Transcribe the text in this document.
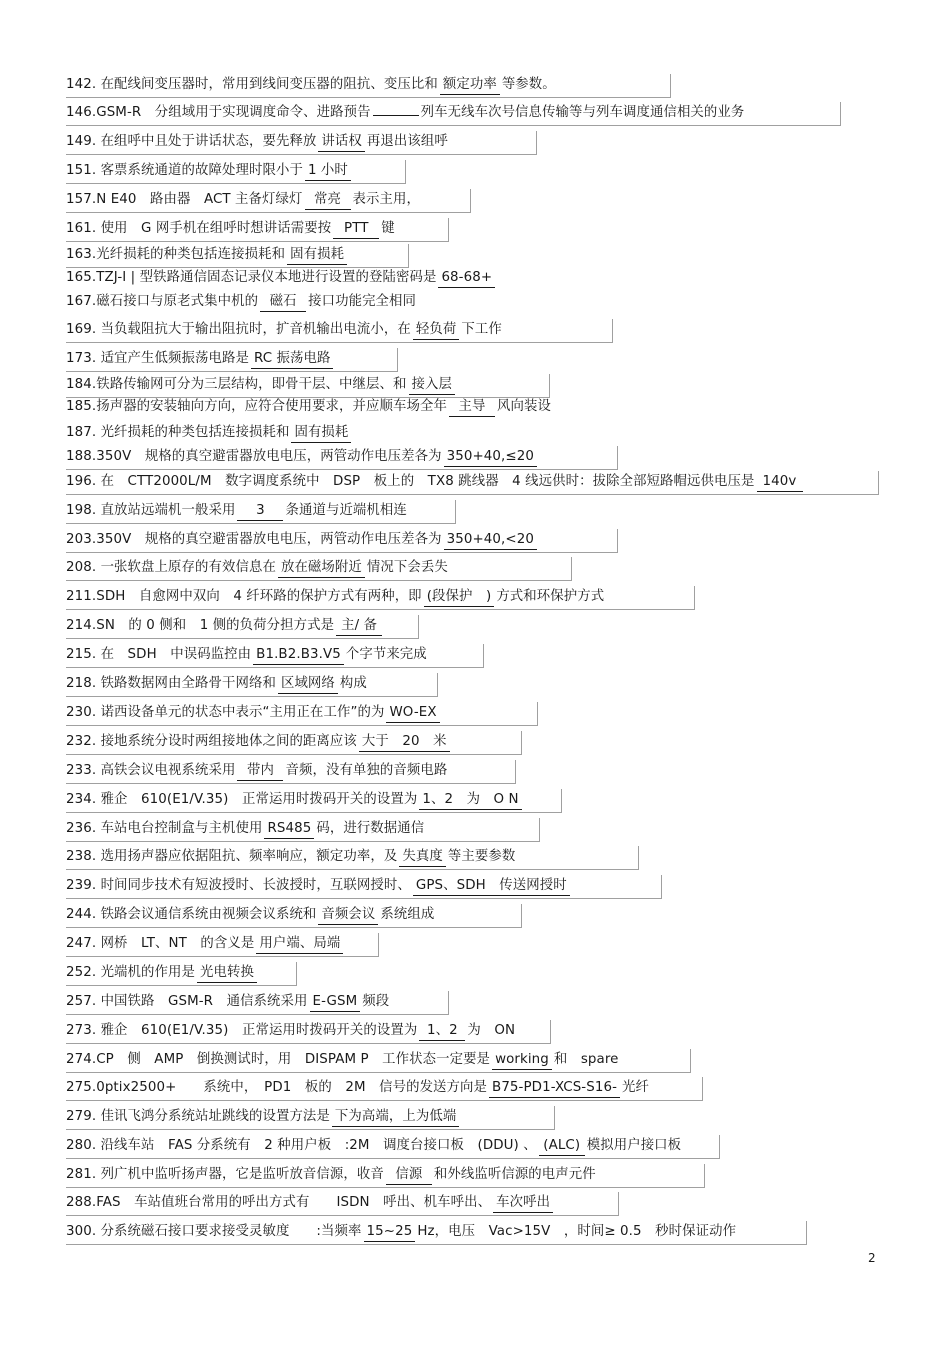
2
142. 在配线间变压器时，常用到线间变压器的阻抗、变压比和 额定功率 等参数。
146.GSM-R　分组域用于实现调度命令、进路预告	列车无线车次号信息传输等与列车调度通信相关的业务
149. 在组呼中且处于讲话状态，要先释放 讲话权 再退出该组呼
151. 客票系统通道的故障处理时限小于 1 小时
157.N E40　路由器　ACT 主备灯绿灯 常亮 表示主用，
161. 使用　G 网手机在组呼时想讲话需要按 PTT 键
163.光纤损耗的种类包括连接损耗和 固有损耗
165.TZJ-I | 型铁路通信固态记录仪本地进行设置的登陆密码是 68-68+
167.磁石接口与原老式集中机的 磁石 接口功能完全相同
169. 当负载阻抗大于输出阻抗时，扩音机输出电流小，在 轻负荷 下工作
173. 适宜产生低频振荡电路是 RC 振荡电路
184.铁路传输网可分为三层结构，即骨干层、中继层、和 接入层
185.扬声器的安装轴向方向，应符合使用要求，并应顺车场全年 主导 风向装设
187. 光纤损耗的种类包括连接损耗和 固有损耗
188.350V　规格的真空避雷器放电电压，两管动作电压差各为 350+40,≤20
196. 在　CTT2000L/M　数字调度系统中　DSP　板上的　TX8 跳线器　4 线远供时：拔除全部短路帽远供电压是 140v
198. 直放站远端机一般采用 3 条通道与近端机相连
203.350V　规格的真空避雷器放电电压，两管动作电压差各为 350+40,<20
208. 一张软盘上原存的有效信息在 放在磁场附近 情况下会丢失
211.SDH　自愈网中双向　4 纤环路的保护方式有两种，即 (段保护　) 方式和环保护方式
214.SN　的 0 侧和　1 侧的负荷分担方式是 主/ 备
215. 在　SDH　中误码监控由 B1.B2.B3.V5 个字节来完成
218. 铁路数据网由全路骨干网络和 区域网络 构成
230. 诺西设备单元的状态中表示“主用正在工作”的为 WO-EX
232. 接地系统分设时两组接地体之间的距离应该 大于　20　米
233. 高铁会议电视系统采用 带内 音频，没有单独的音频电路
234. 雅企　610(E1/V.35)　正常运用时拨码开关的设置为 1、2　为　O N
236. 车站电台控制盒与主机使用 RS485 码，进行数据通信
238. 选用扬声器应依据阻抗、频率响应，额定功率，及 失真度 等主要参数
239. 时间同步技术有短波授时、长波授时，互联网授时、 GPS、SDH　传送网授时
244. 铁路会议通信系统由视频会议系统和 音频会议 系统组成
247. 网桥　LT、NT　的含义是 用户端、局端
252. 光端机的作用是 光电转换
257. 中国铁路　GSM-R　通信系统采用 E-GSM 频段
273. 雅企　610(E1/V.35)　正常运用时拨码开关的设置为 1、2 为　ON
274.CP　侧　AMP　倒换测试时，用　DISPAM P　工作状态一定要是 working 和　spare
275.0ptix2500+　　系统中，　PD1　板的　2M　信号的发送方向是 B75-PD1-XCS-S16- 光纤
279. 佳讯飞鸿分系统站址跳线的设置方法是 下为高端，上为低端
280. 沿线车站　FAS 分系统有　2 种用户板　:2M　调度台接口板　(DDU) 、 (ALC) 模拟用户接口板
281. 列广机中监听扬声器，它是监听放音信源，收音 信源 和外线监听信源的电声元件
288.FAS　车站值班台常用的呼出方式有　　ISDN　呼出、机车呼出、 车次呼出
300. 分系统磁石接口要求接受灵敏度　　:当频率 15~25 Hz，电压　Vac>15V　，时间≥ 0.5　秒时保证动作
